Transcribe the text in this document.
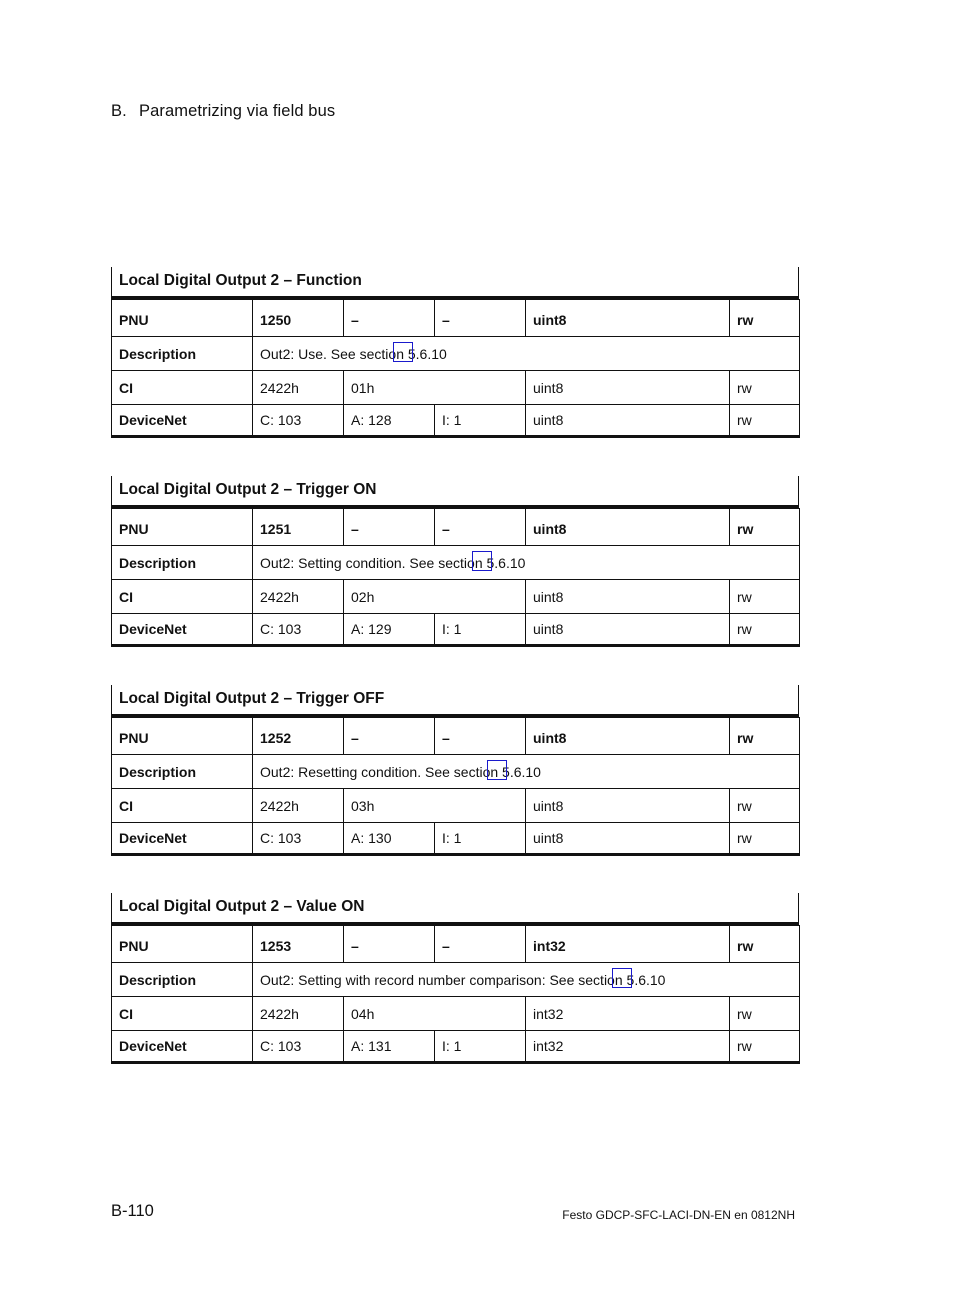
B. Parametrizing via field bus
Local Digital Output 2 – Function
PNU	1250	–	–	uint8	rw
Description	Out2: Use. See sectio
n 5.6.10				
CI	2422h	01h		uint8	rw
DeviceNet	C: 103	A: 128	I: 1	uint8	rw
Local Digital Output 2 – Trigger ON
PNU	1251	–	–	uint8	rw
Description	Out2: Setting condition. See sectio
n 5.6.10				
CI	2422h	02h		uint8	rw
DeviceNet	C: 103	A: 129	I: 1	uint8	rw
Local Digital Output 2 – Trigger OFF
PNU	1252	–	–	uint8	rw
Description	Out2: Resetting condition. See sectio
n 5.6.10				
CI	2422h	03h		uint8	rw
DeviceNet	C: 103	A: 130	I: 1	uint8	rw
Local Digital Output 2 – Value ON
PNU	1253	–	–	int32	rw
Description	Out2: Setting with record number comparison: See sectio
n 5.6.10				
CI	2422h	04h		int32	rw
DeviceNet	C: 103	A: 131	I: 1	int32	rw
B-110	Festo GDCP-SFC-LACI-DN-EN en 0812NH
